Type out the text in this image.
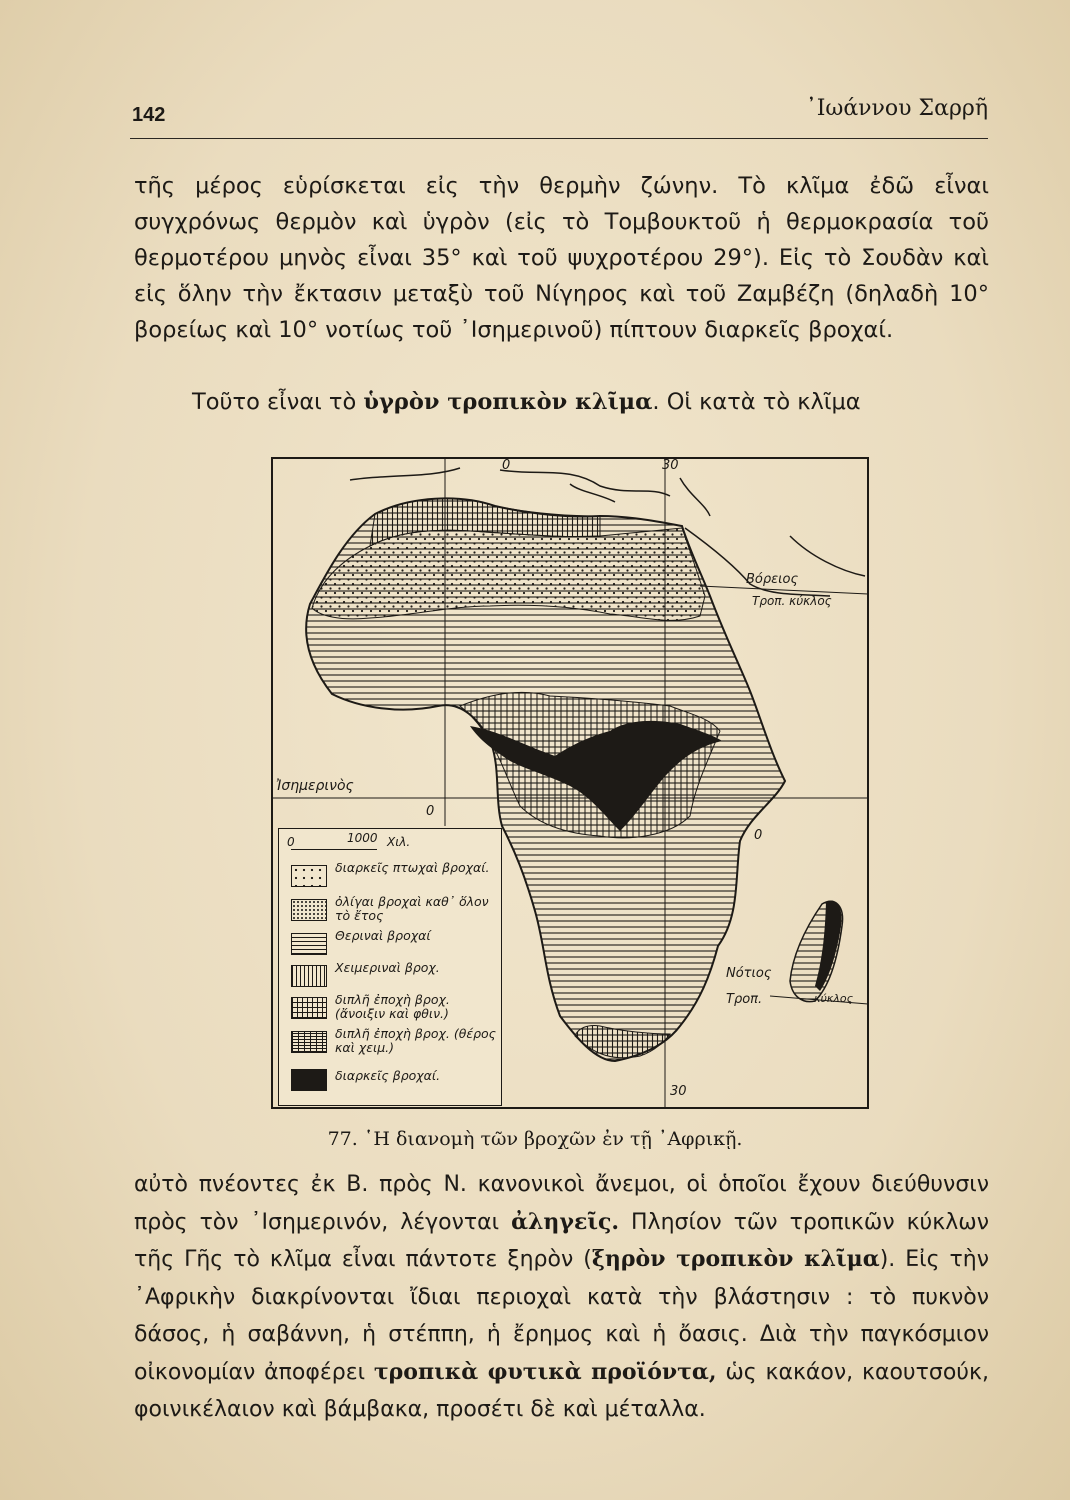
142	᾿Ιωάννου Σαρρῆ

τῆς μέρος εὑρίσκεται εἰς τὴν θερμὴν ζώνην. Τὸ κλῖμα ἐδῶ εἶναι συγχρόνως θερμὸν καὶ ὑγρὸν (εἰς τὸ Τομβουκτοῦ ἡ θερμοκρασία τοῦ θερμοτέρου μηνὸς εἶναι 35° καὶ τοῦ ψυχροτέρου 29°). Εἰς τὸ Σουδὰν καὶ εἰς ὅλην τὴν ἔκτασιν μεταξὺ τοῦ Νίγηρος καὶ τοῦ Ζαμβέζη (δηλαδὴ 10° βορείως καὶ 10° νοτίως τοῦ ᾿Ισημερινοῦ) πίπτουν διαρκεῖς βροχαί.

Τοῦτο εἶναι τὸ ὑγρὸν τροπικὸν κλῖμα. Οἱ κατὰ τὸ κλῖμα

0	30
0
0
30
Βόρειος
Τροπ. κύκλος
Ἰσημερινὸς
Νότιος
Τροπ.	κύκλος
0	1000 Χιλ.
διαρκεῖς πτωχαὶ βροχαί.
ὀλίγαι βροχαὶ καθ᾿ ὅλον τὸ ἔτος
Θεριναὶ βροχαί
Χειμεριναὶ βροχ.
διπλῆ ἐποχὴ βροχ. (ἄνοιξιν καὶ φθιν.)
διπλῆ ἐποχὴ βροχ. (θέρος καὶ χειμ.)
διαρκεῖς βροχαί.
77. ῾Η διανομὴ τῶν βροχῶν ἐν τῇ ᾿Αφρικῇ.

αὐτὸ πνέοντες ἐκ Β. πρὸς Ν. κανονικοὶ ἄνεμοι, οἱ ὁποῖοι ἔχουν διεύθυνσιν πρὸς τὸν ᾿Ισημερινόν, λέγονται ἀληγεῖς. Πλησίον τῶν τροπικῶν κύκλων τῆς Γῆς τὸ κλῖμα εἶναι πάντοτε ξηρὸν (ξηρὸν τροπικὸν κλῖμα). Εἰς τὴν ᾿Αφρικὴν διακρίνονται ἴδιαι περιοχαὶ κατὰ τὴν βλάστησιν : τὸ πυκνὸν δάσος, ἡ σαβάννη, ἡ στέππη, ἡ ἔρημος καὶ ἡ ὄασις. Διὰ τὴν παγκόσμιον οἰκονομίαν ἀποφέρει τροπικὰ φυτικὰ προϊόντα, ὡς κακάον, καουτσούκ, φοινικέλαιον καὶ βάμβακα, προσέτι δὲ καὶ μέταλλα.
